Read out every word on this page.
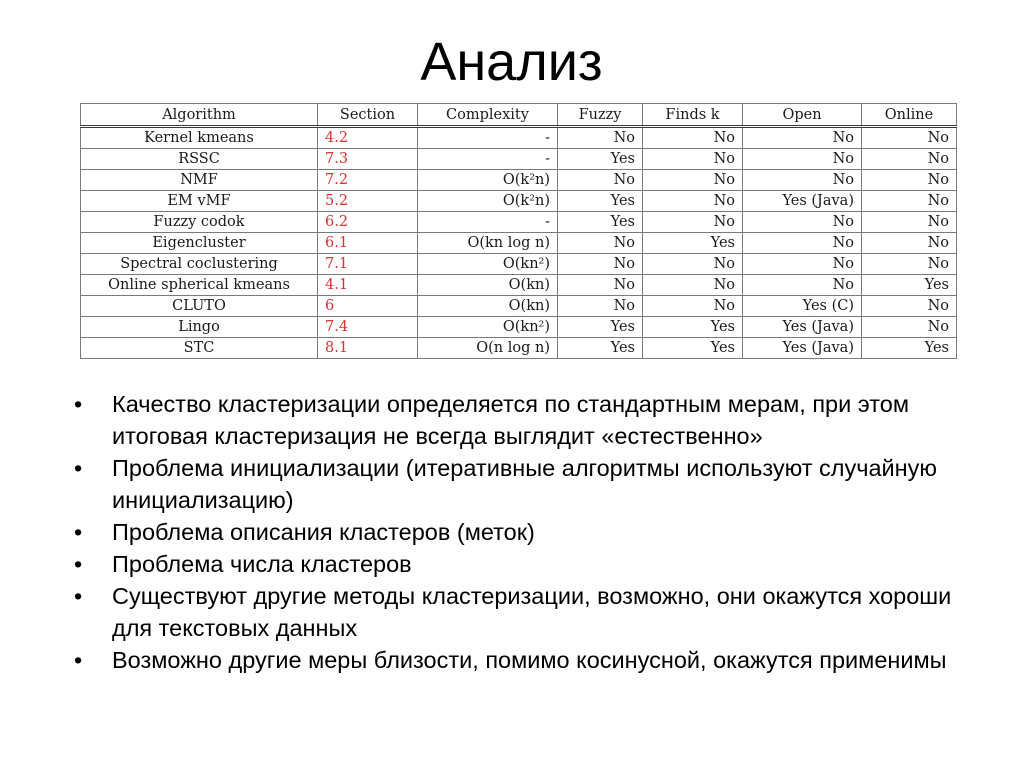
Анализ
Algorithm	Section	Complexity	Fuzzy	Finds k	Open	Online
Kernel kmeans	4.2	-	No	No	No	No
RSSC	7.3	-	Yes	No	No	No
NMF	7.2	O(k²n)	No	No	No	No
EM vMF	5.2	O(k²n)	Yes	No	Yes (Java)	No
Fuzzy codok	6.2	-	Yes	No	No	No
Eigencluster	6.1	O(kn log n)	No	Yes	No	No
Spectral coclustering	7.1	O(kn²)	No	No	No	No
Online spherical kmeans	4.1	O(kn)	No	No	No	Yes
CLUTO	6	O(kn)	No	No	Yes (C)	No
Lingo	7.4	O(kn²)	Yes	Yes	Yes (Java)	No
STC	8.1	O(n log n)	Yes	Yes	Yes (Java)	Yes
•	Качество кластеризации определяется по стандартным мерам, при этом итоговая кластеризация не всегда выглядит «естественно»
•	Проблема инициализации (итеративные алгоритмы используют случайную инициализацию)
•	Проблема описания кластеров (меток)
•	Проблема числа кластеров
•	Существуют другие методы кластеризации, возможно, они окажутся хороши для текстовых данных
•	Возможно другие меры близости, помимо косинусной, окажутся применимы
